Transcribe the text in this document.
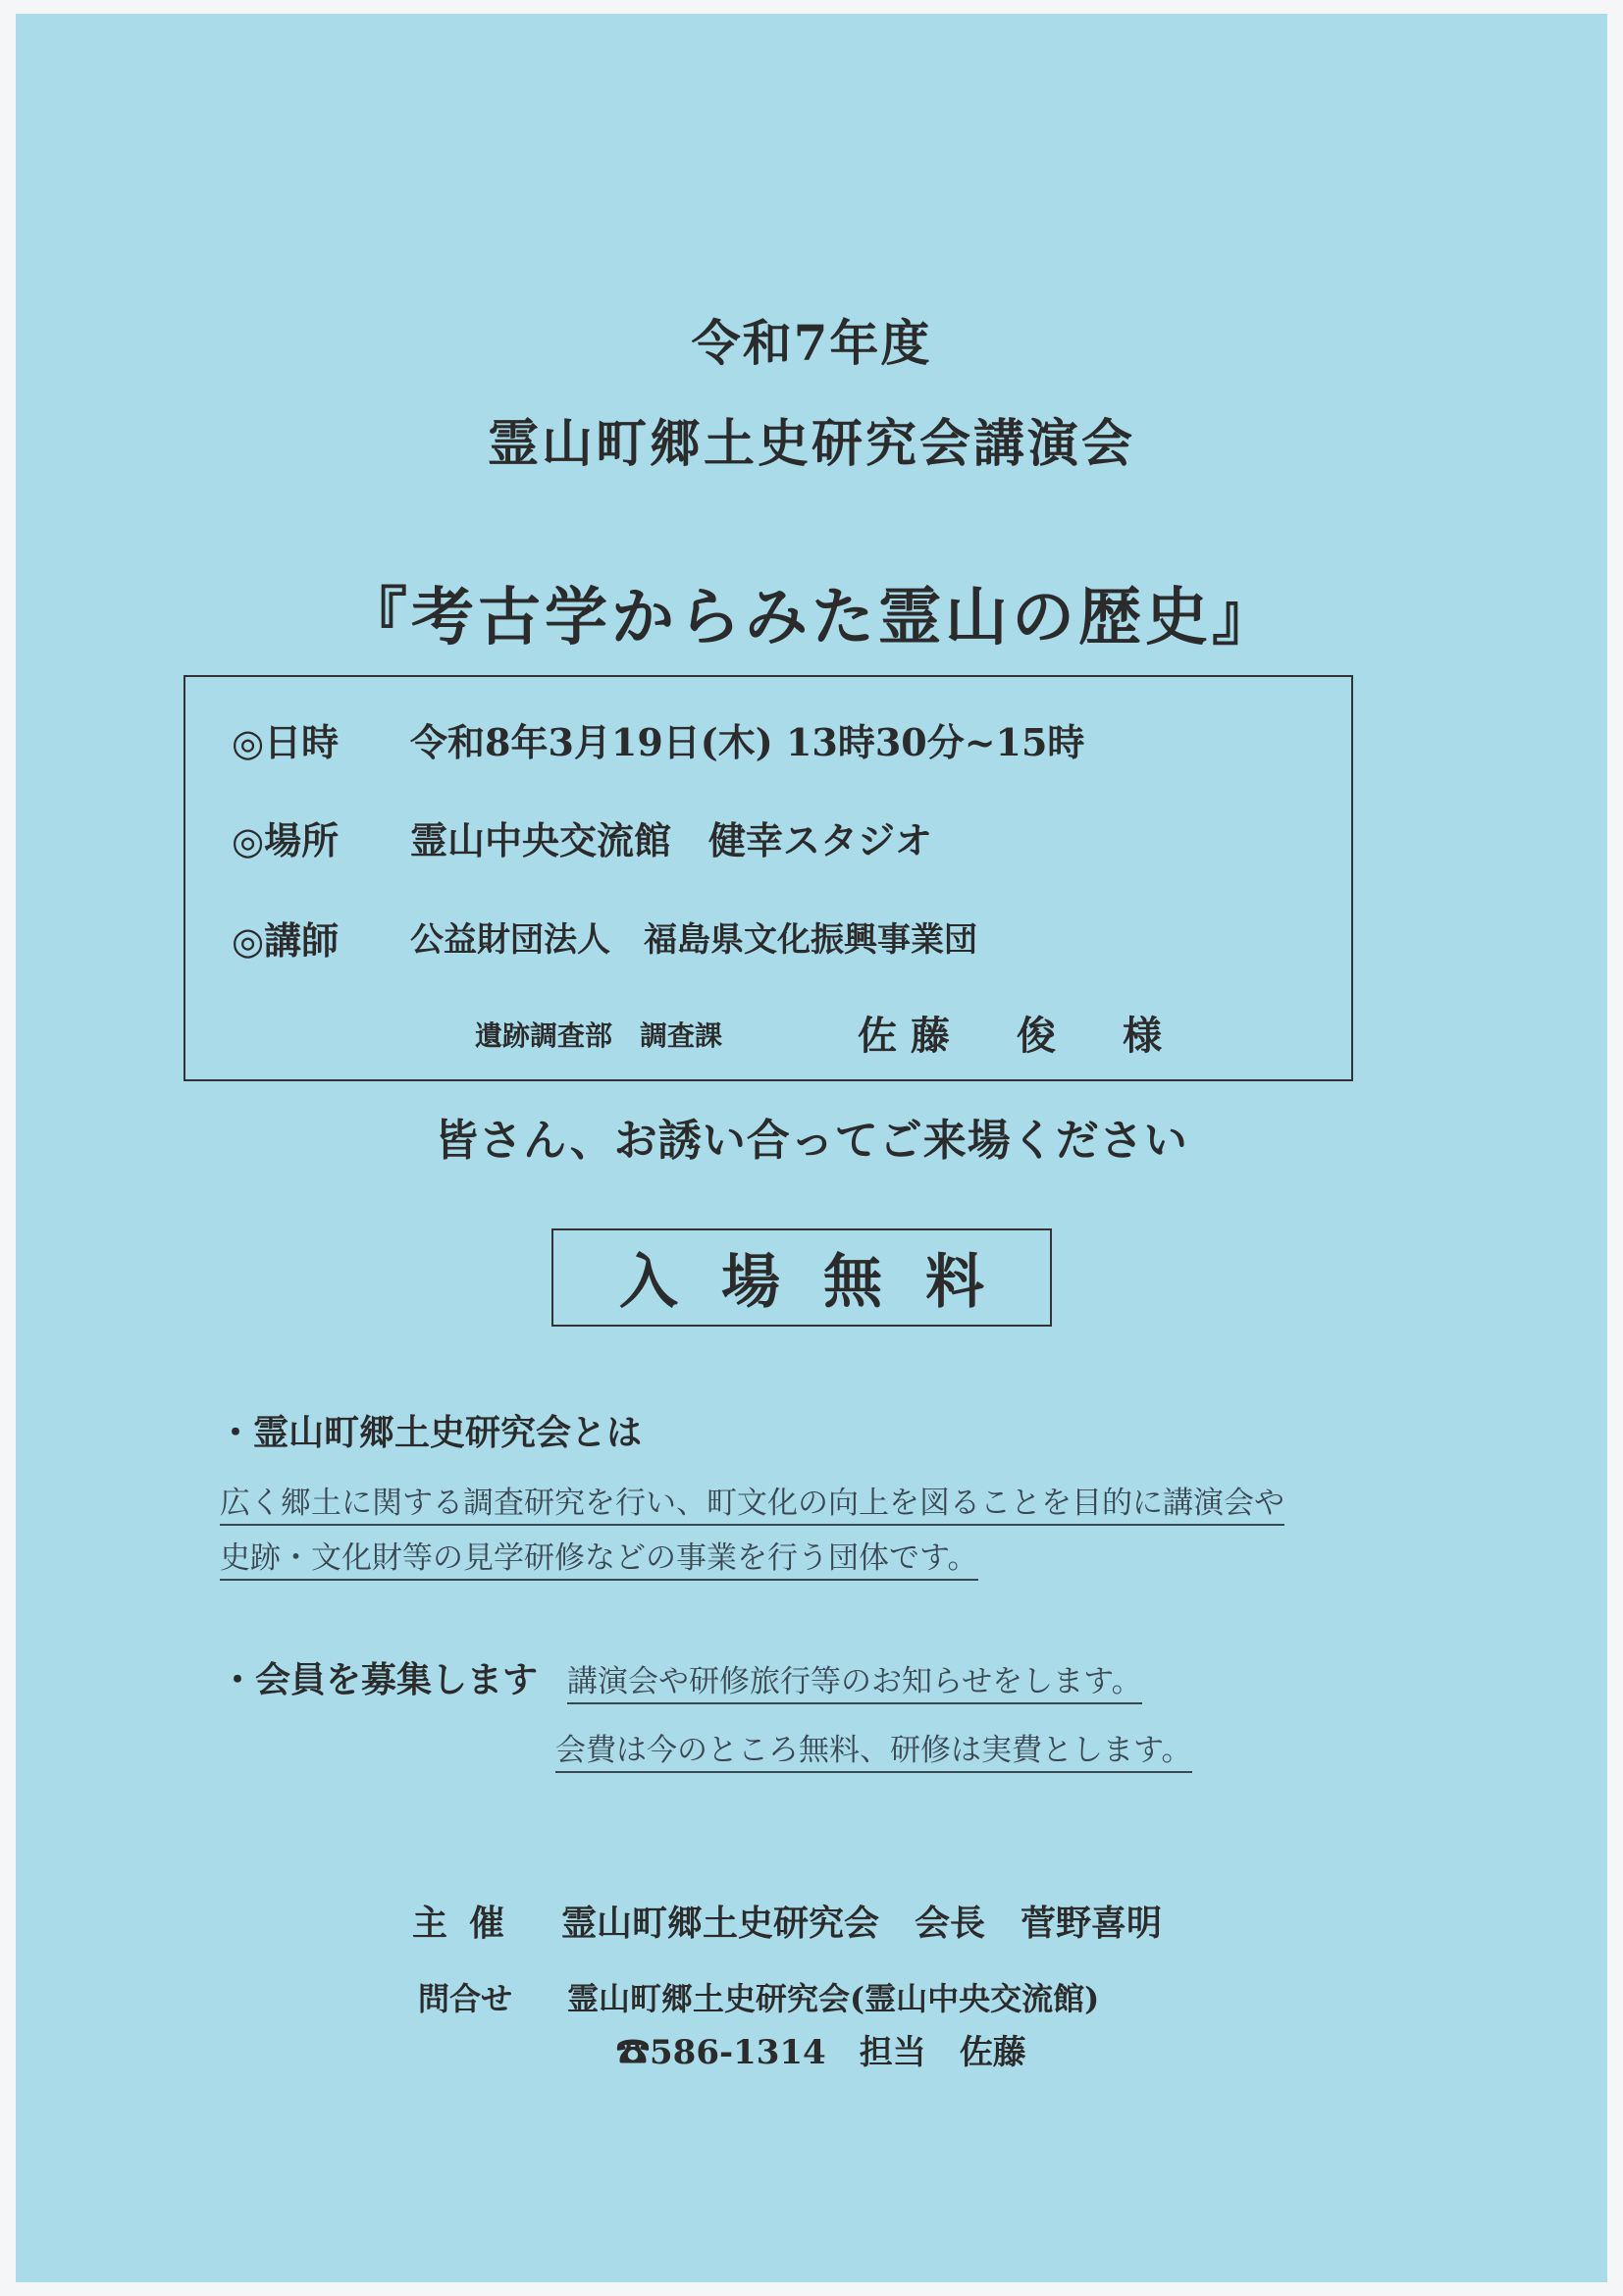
令和7年度
霊山町郷土史研究会講演会
『考古学からみた霊山の歴史』
◎日時 令和8年3月19日(木) 13時30分~15時
◎場所 霊山中央交流館　健幸スタジオ
◎講師 公益財団法人　福島県文化振興事業団
遺跡調査部　調査課	佐藤　俊　様
皆さん、お誘い合ってご来場ください
入場無料
・霊山町郷土史研究会とは
広く郷土に関する調査研究を行い、町文化の向上を図ることを目的に講演会や
史跡・文化財等の見学研修などの事業を行う団体です。
・会員を募集します 講演会や研修旅行等のお知らせをします。
会費は今のところ無料、研修は実費とします。
主催 霊山町郷土史研究会　会長　菅野喜明
問合せ 霊山町郷土史研究会(霊山中央交流館)
☎586-1314　担当　佐藤
